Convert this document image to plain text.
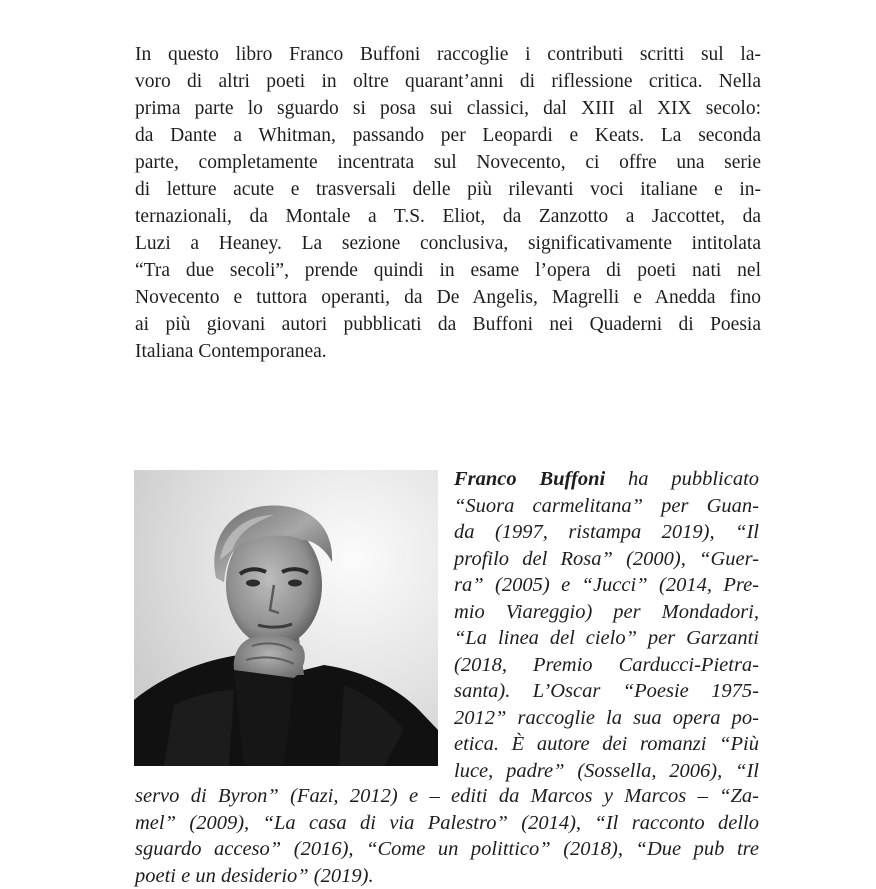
In questo libro Franco Buffoni raccoglie i contributi scritti sul la-
voro di altri poeti in oltre quarant’anni di riflessione critica. Nella
prima parte lo sguardo si posa sui classici, dal XIII al XIX secolo:
da Dante a Whitman, passando per Leopardi e Keats. La seconda
parte, completamente incentrata sul Novecento, ci offre una serie
di letture acute e trasversali delle più rilevanti voci italiane e in-
ternazionali, da Montale a T.S. Eliot, da Zanzotto a Jaccottet, da
Luzi a Heaney. La sezione conclusiva, significativamente intitolata
“Tra due secoli”, prende quindi in esame l’opera di poeti nati nel
Novecento e tuttora operanti, da De Angelis, Magrelli e Anedda fino
ai più giovani autori pubblicati da Buffoni nei Quaderni di Poesia
Italiana Contemporanea.
Franco Buffoni ha pubblicato
“Suora carmelitana” per Guan-
da (1997, ristampa 2019), “Il
profilo del Rosa” (2000), “Guer-
ra” (2005) e “Jucci” (2014, Pre-
mio Viareggio) per Mondadori,
“La linea del cielo” per Garzanti
(2018, Premio Carducci-Pietra-
santa). L’Oscar “Poesie 1975-
2012” raccoglie la sua opera po-
etica. È autore dei romanzi “Più
luce, padre” (Sossella, 2006), “Il
servo di Byron” (Fazi, 2012) e – editi da Marcos y Marcos – “Za-
mel” (2009), “La casa di via Palestro” (2014), “Il racconto dello
sguardo acceso” (2016), “Come un polittico” (2018), “Due pub tre
poeti e un desiderio” (2019).
